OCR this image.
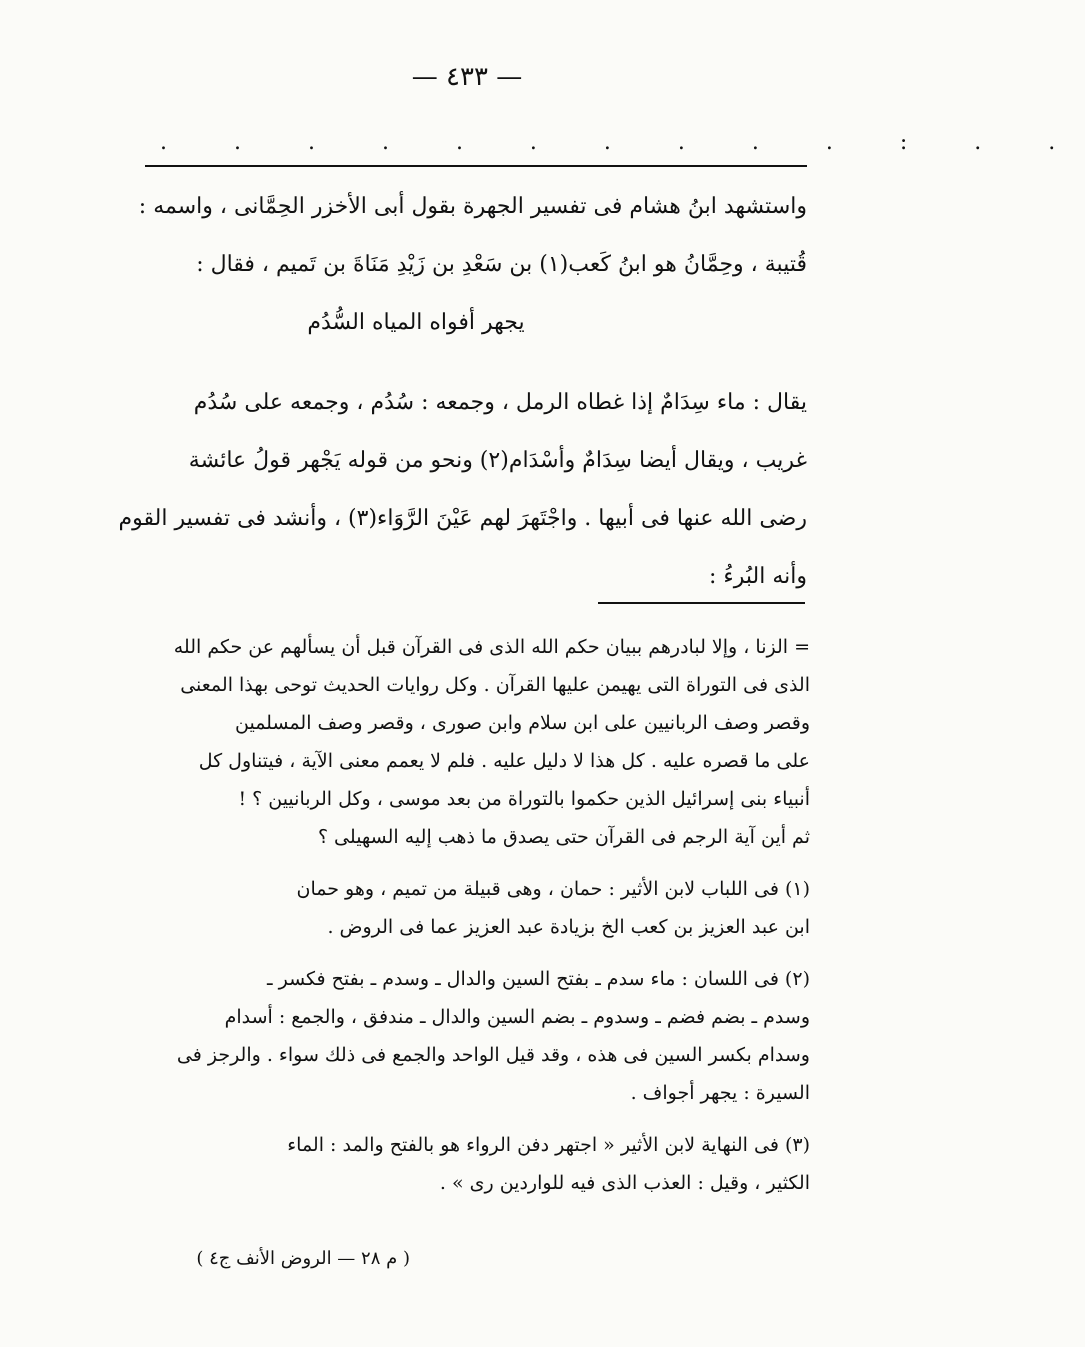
— ٤٣٣ —
. . . . . . . . . . : . .
واستشهد ابنُ هشام فى تفسير الجهرة بقول أبى الأخزر الحِمَّانى ، واسمه :
قُتيبة ، وحِمَّانُ هو ابنُ كَعب(١) بن سَعْدِ بن زَيْدِ مَنَاةَ بن تَميم ، فقال :
يجهر أفواه المياه السُّدُم
يقال : ماء سِدَامٌ إذا غطاه الرمل ، وجمعه : سُدُم ، وجمعه على سُدُم
غريب ، ويقال أيضا سِدَامٌ وأسْدَام(٢) ونحو من قوله يَجْهر قولُ عائشة
رضى الله عنها فى أبيها . واجْتَهرَ لهم عَيْنَ الرَّوَاء(٣) ، وأنشد فى تفسير القوم
وأنه البُرءُ :
= الزنا ، وإلا لبادرهم ببيان حكم الله الذى فى القرآن قبل أن يسألهم عن حكم الله
الذى فى التوراة التى يهيمن عليها القرآن . وكل روايات الحديث توحى بهذا المعنى
وقصر وصف الربانيين على ابن سلام وابن صورى ، وقصر وصف المسلمين
على ما قصره عليه . كل هذا لا دليل عليه . فلم لا يعمم معنى الآية ، فيتناول كل
أنبياء بنى إسرائيل الذين حكموا بالتوراة من بعد موسى ، وكل الربانيين ؟ !
ثم أين آية الرجم فى القرآن حتى يصدق ما ذهب إليه السهيلى ؟
(١) فى اللباب لابن الأثير : حمان ، وهى قبيلة من تميم ، وهو حمان
ابن عبد العزيز بن كعب الخ بزيادة عبد العزيز عما فى الروض .
(٢) فى اللسان : ماء سدم ـ بفتح السين والدال ـ وسدم ـ بفتح فكسر ـ
وسدم ـ بضم فضم ـ وسدوم ـ بضم السين والدال ـ مندفق ، والجمع : أسدام
وسدام بكسر السين فى هذه ، وقد قيل الواحد والجمع فى ذلك سواء . والرجز فى
السيرة : يجهر أجواف .
(٣) فى النهاية لابن الأثير « اجتهر دفن الرواء هو بالفتح والمد : الماء
الكثير ، وقيل : العذب الذى فيه للواردين رى » .
( م ٢٨ — الروض الأنف ج٤ )
